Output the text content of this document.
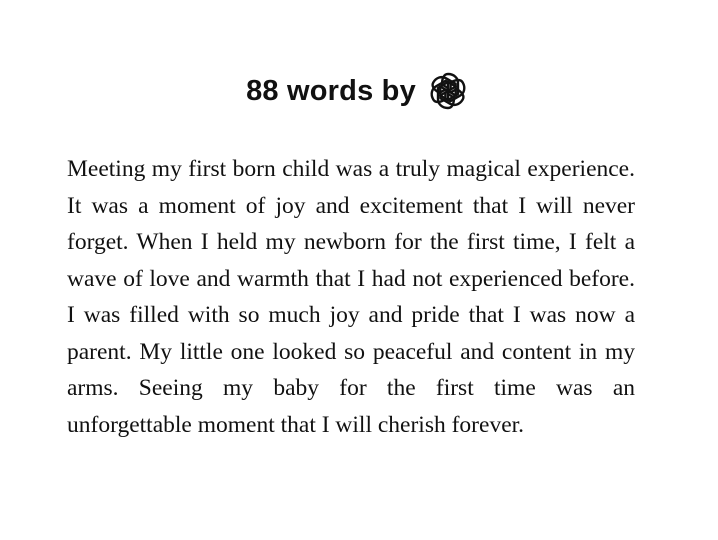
88 words by

Meeting my first born child was a truly magical experience. It was a moment of joy and excitement that I will never forget. When I held my newborn for the first time, I felt a wave of love and warmth that I had not experienced before. I was filled with so much joy and pride that I was now a parent. My little one looked so peaceful and content in my arms. Seeing my baby for the first time was an unforgettable moment that I will cherish forever.
